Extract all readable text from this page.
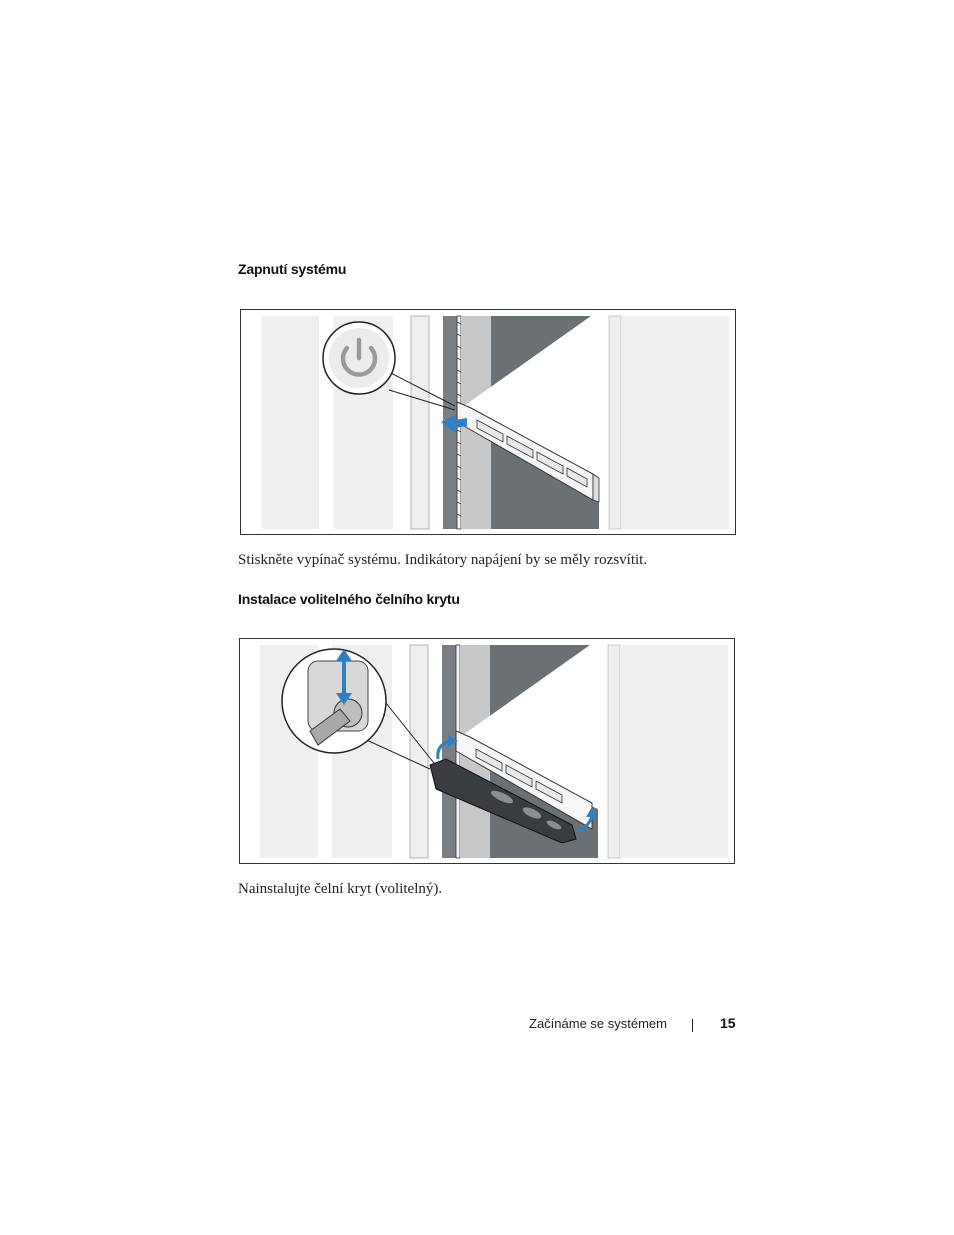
Zapnutí systému
Stiskněte vypínač systému. Indikátory napájení by se měly rozsvítit.
Instalace volitelného čelního krytu
Nainstalujte čelní kryt (volitelný).
Začínáme se systémem	15
